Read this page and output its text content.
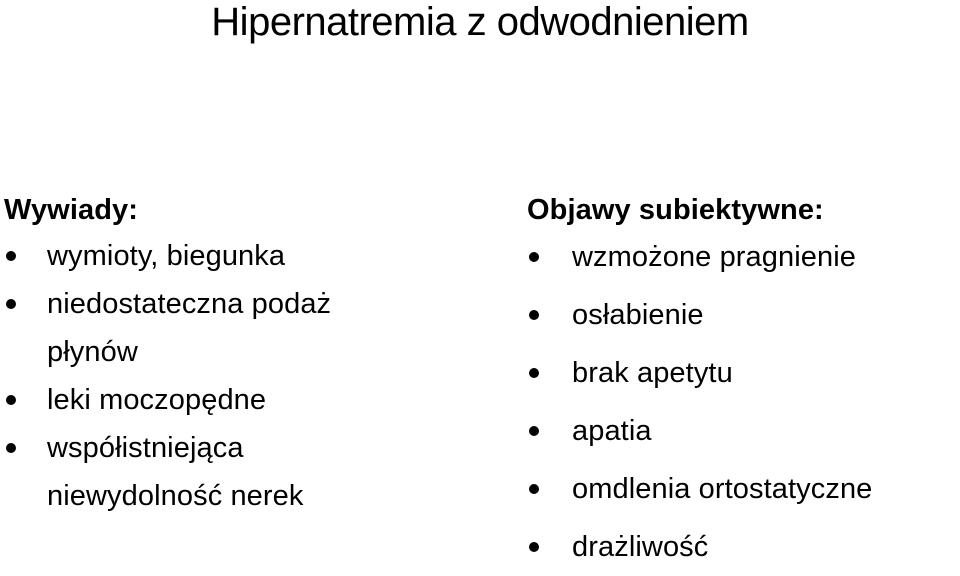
Hipernatremia z odwodnieniem
Wywiady:
wymioty, biegunka
niedostateczna podaż płynów
leki moczopędne
współistniejąca niewydolność nerek
Objawy subiektywne:
wzmożone pragnienie
osłabienie
brak apetytu
apatia
omdlenia ortostatyczne
drażliwość
